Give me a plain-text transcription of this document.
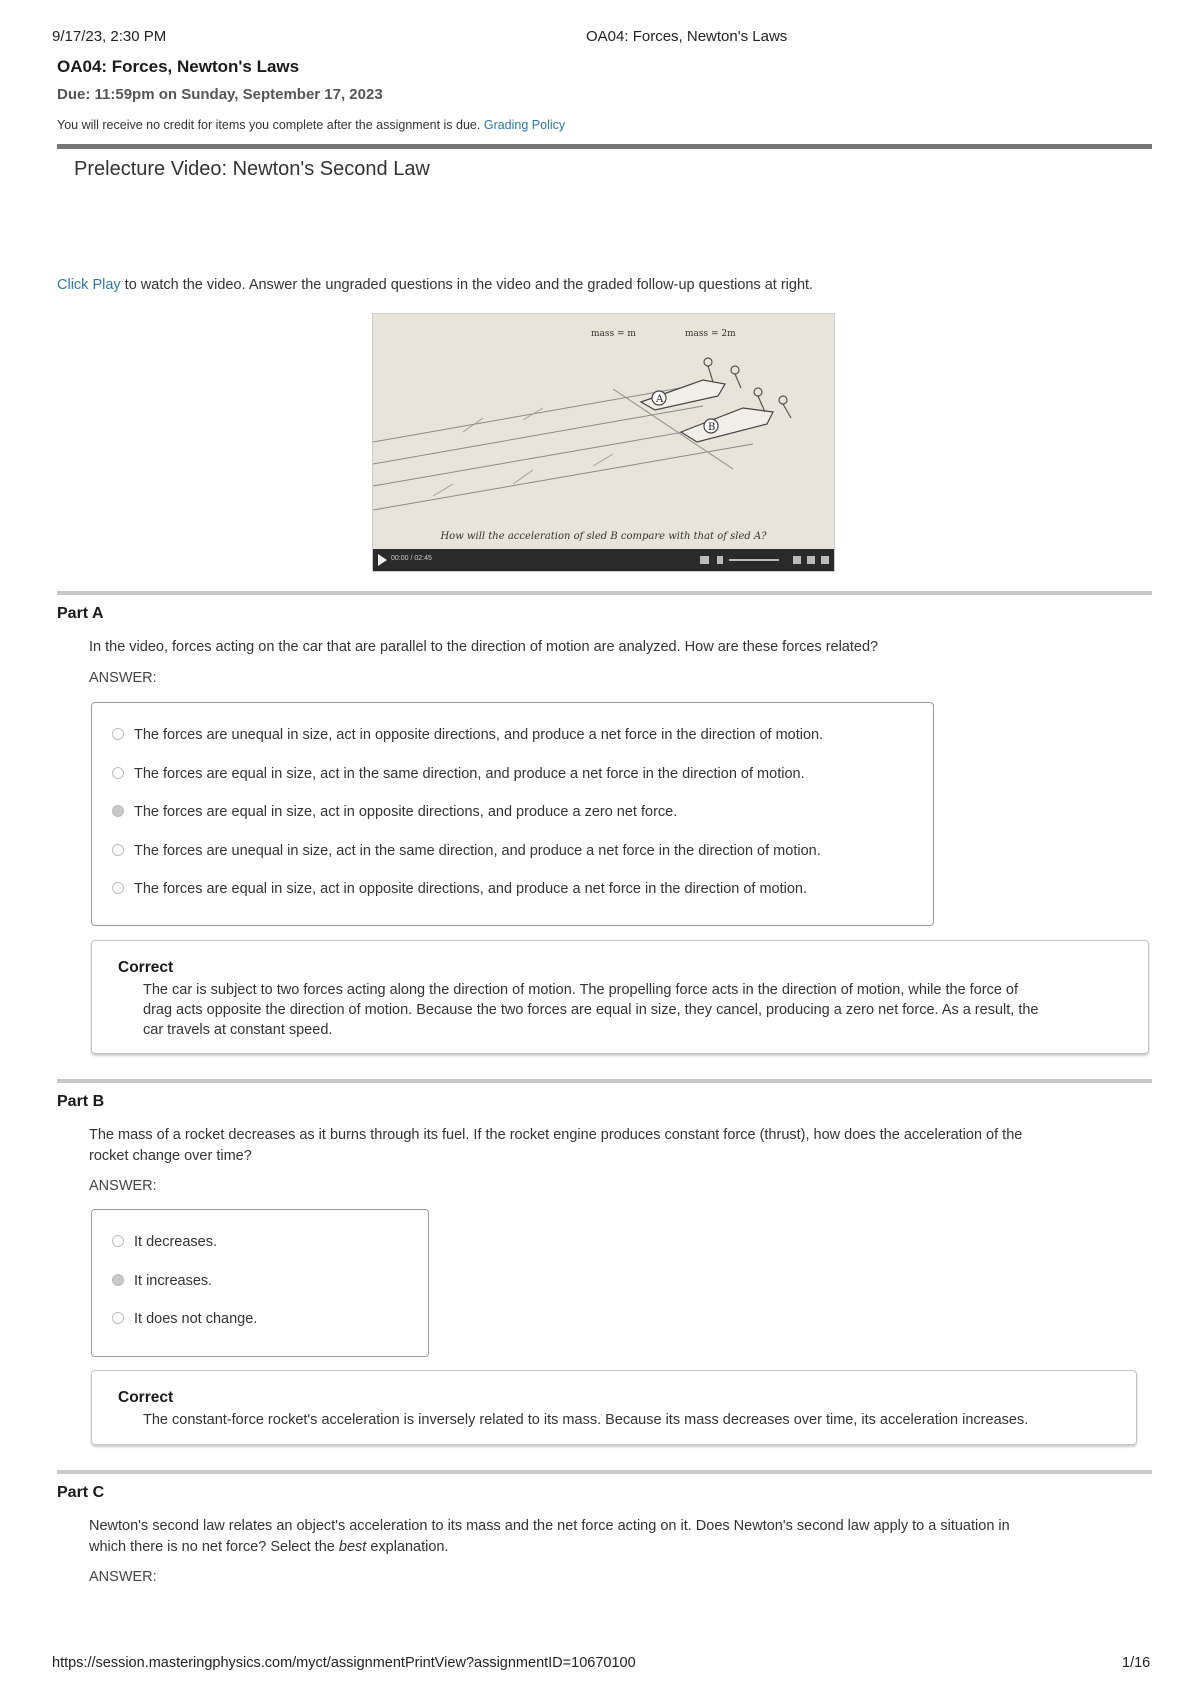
9/17/23, 2:30 PM	OA04: Forces, Newton's Laws
OA04: Forces, Newton's Laws
Due: 11:59pm on Sunday, September 17, 2023
You will receive no credit for items you complete after the assignment is due. Grading Policy
Prelecture Video: Newton's Second Law
Click Play to watch the video. Answer the ungraded questions in the video and the graded follow-up questions at right.
A
B
mass = m	mass = 2m
How will the acceleration of sled B compare with that of sled A?
00:00 / 02:45
Part A
In the video, forces acting on the car that are parallel to the direction of motion are analyzed. How are these forces related?
ANSWER:
The forces are unequal in size, act in opposite directions, and produce a net force in the direction of motion.
The forces are equal in size, act in the same direction, and produce a net force in the direction of motion.
The forces are equal in size, act in opposite directions, and produce a zero net force.
The forces are unequal in size, act in the same direction, and produce a net force in the direction of motion.
The forces are equal in size, act in opposite directions, and produce a net force in the direction of motion.
Correct
The car is subject to two forces acting along the direction of motion. The propelling force acts in the direction of motion, while the force of
drag acts opposite the direction of motion. Because the two forces are equal in size, they cancel, producing a zero net force. As a result, the
car travels at constant speed.
Part B
The mass of a rocket decreases as it burns through its fuel. If the rocket engine produces constant force (thrust), how does the acceleration of the
rocket change over time?
ANSWER:
It decreases.
It increases.
It does not change.
Correct
The constant-force rocket's acceleration is inversely related to its mass. Because its mass decreases over time, its acceleration increases.
Part C
Newton's second law relates an object's acceleration to its mass and the net force acting on it. Does Newton's second law apply to a situation in
which there is no net force? Select the best explanation.
ANSWER:
https://session.masteringphysics.com/myct/assignmentPrintView?assignmentID=10670100	1/16
